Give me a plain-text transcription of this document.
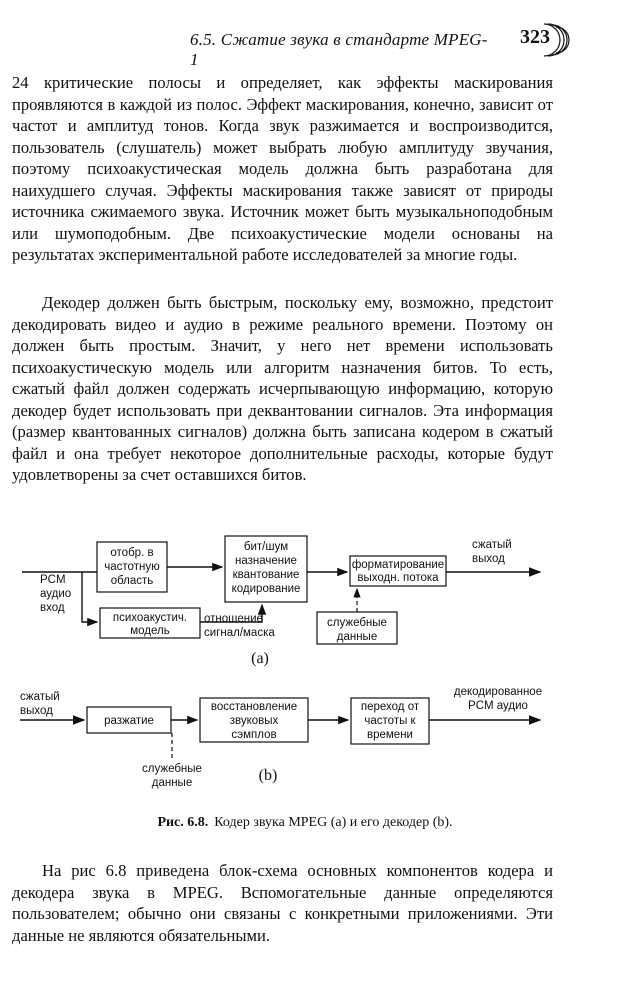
6.5. Сжатие звука в стандарте MPEG-1
323

24 критические полосы и определяет, как эффекты маскирования проявляются в каждой из полос. Эффект маскирования, конечно, зависит от частот и амплитуд тонов. Когда звук разжимается и воспроизводится, пользователь (слушатель) может выбрать любую амплитуду звучания, поэтому психоакустическая модель должна быть разработана для наихудшего случая. Эффекты маскирования также зависят от природы источника сжимаемого звука. Источник может быть музыкальноподобным или шумоподобным. Две психоакустические модели основаны на результатах экспериментальной работе исследователей за многие годы.

Декодер должен быть быстрым, поскольку ему, возможно, предстоит декодировать видео и аудио в режиме реального времени. Поэтому он должен быть простым. Значит, у него нет времени использовать психоакустическую модель или алгоритм назначения битов. То есть, сжатый файл должен содержать исчерпывающую информацию, которую декодер будет использовать при деквантовании сигналов. Эта информация (размер квантованных сигналов) должна быть записана кодером в сжатый файл и она требует некоторое дополнительные расходы, которые будут удовлетворены за счет оставшихся битов.

PCM
аудио
вход
отобр. в
частотную
область
бит/шум
назначение
квантование
кодирование
форматирование
выходн. потока
сжатый
выход
психоакустич.
модель
отношение
сигнал/маска
служебные
данные
(a)
сжатый
выход
разжатие
восстановление
звуковых
сэмплов
переход от
частоты к
времени
декодированное
PCM аудио
служебные
данные	(b)
Рис. 6.8. Кодер звука MPEG (a) и его декодер (b).

На рис 6.8 приведена блок-схема основных компонентов кодера и декодера звука в MPEG. Вспомогательные данные определяются пользователем; обычно они связаны с конкретными приложениями. Эти данные не являются обязательными.
